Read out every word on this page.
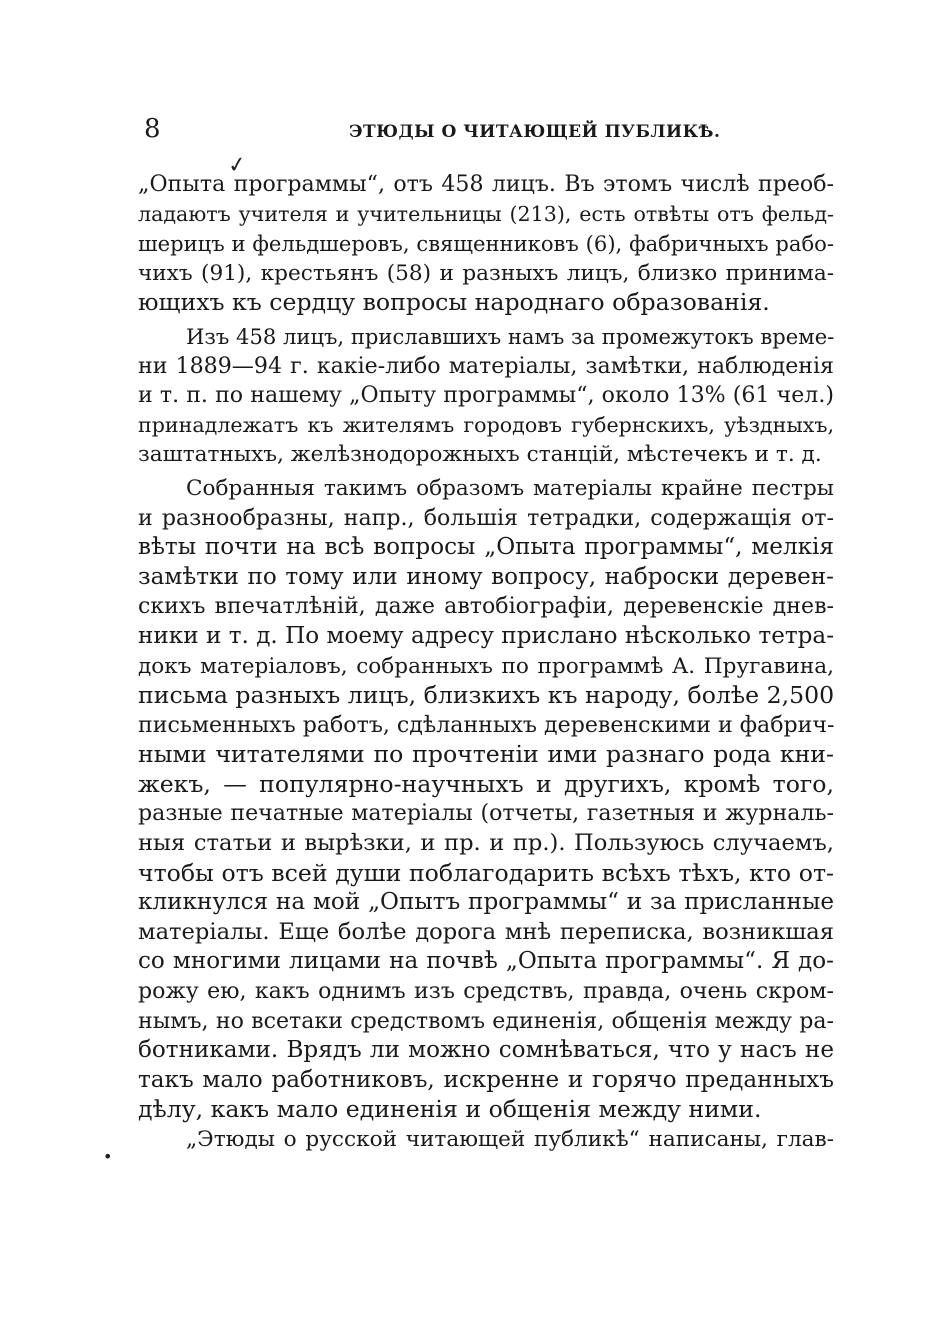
8	ЭТЮДЫ О ЧИТАЮЩЕЙ ПУБЛИКѢ.
✓
•
„Опыта программы“, отъ 458 лицъ. Въ этомъ числѣ преоб-
ладаютъ учителя и учительницы (213), есть отвѣты отъ фельд-
шерицъ и фельдшеровъ, священниковъ (6), фабричныхъ рабо-
чихъ (91), крестьянъ (58) и разныхъ лицъ, близко принима-
ющихъ къ сердцу вопросы народнаго образованія.
Изъ 458 лицъ, приславшихъ намъ за промежутокъ време-
ни 1889—94 г. какіе-либо матеріалы, замѣтки, наблюденія
и т. п. по нашему „Опыту программы“, около 13% (61 чел.)
принадлежатъ къ жителямъ городовъ губернскихъ, уѣздныхъ,
заштатныхъ, желѣзнодорожныхъ станцій, мѣстечекъ и т. д.
Собранныя такимъ образомъ матеріалы крайне пестры
и разнообразны, напр., большія тетрадки, содержащія от-
вѣты почти на всѣ вопросы „Опыта программы“, мелкія
замѣтки по тому или иному вопросу, наброски деревен-
скихъ впечатлѣній, даже автобіографіи, деревенскіе днев-
ники и т. д. По моему адресу прислано нѣсколько тетра-
докъ матеріаловъ, собранныхъ по программѣ А. Пругавина,
письма разныхъ лицъ, близкихъ къ народу, болѣе 2,500
письменныхъ работъ, сдѣланныхъ деревенскими и фабрич-
ными читателями по прочтеніи ими разнаго рода кни-
жекъ, — популярно-научныхъ и другихъ, кромѣ того,
разные печатные матеріалы (отчеты, газетныя и журналь-
ныя статьи и вырѣзки, и пр. и пр.). Пользуюсь случаемъ,
чтобы отъ всей души поблагодарить всѣхъ тѣхъ, кто от-
кликнулся на мой „Опытъ программы“ и за присланные
матеріалы. Еще болѣе дорога мнѣ переписка, возникшая
со многими лицами на почвѣ „Опыта программы“. Я до-
рожу ею, какъ однимъ изъ средствъ, правда, очень скром-
нымъ, но всетаки средствомъ единенія, общенія между ра-
ботниками. Врядъ ли можно сомнѣваться, что у насъ не
такъ мало работниковъ, искренне и горячо преданныхъ
дѣлу, какъ мало единенія и общенія между ними.
„Этюды о русской читающей публикѣ“ написаны, глав-
